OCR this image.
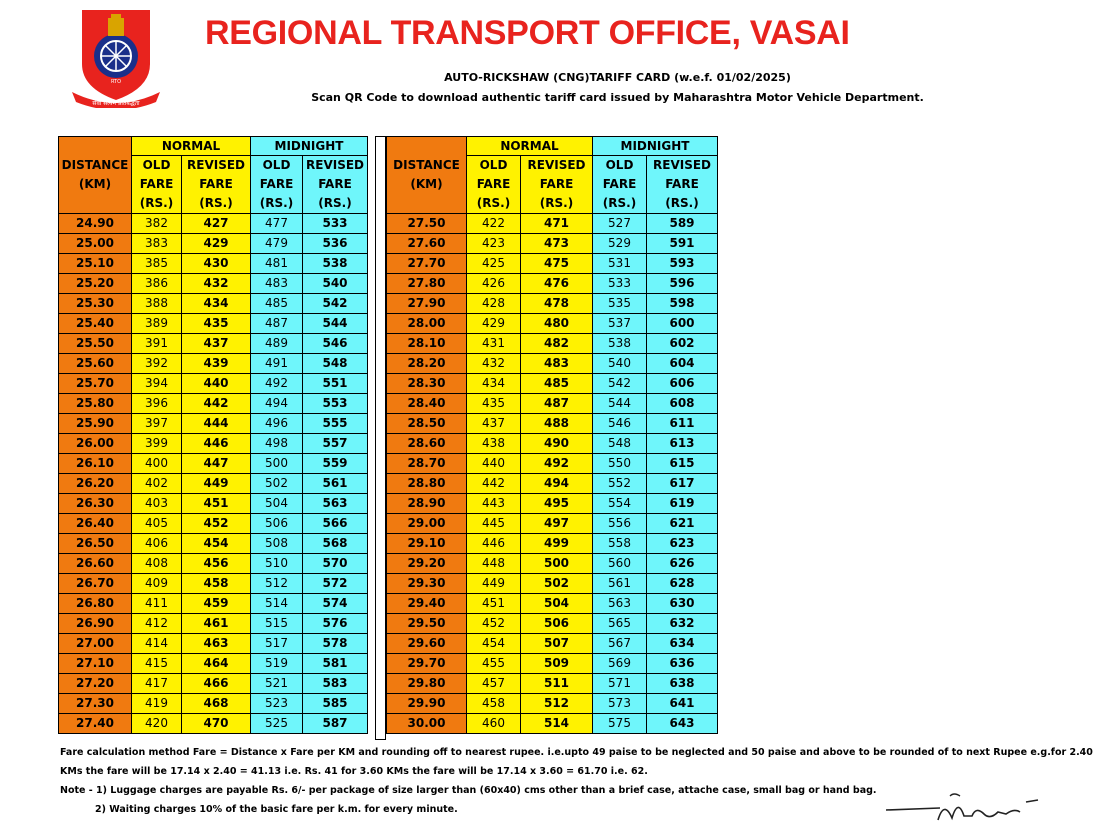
सेवा सत्यम प्रतिबद्धता
RTO
REGIONAL TRANSPORT OFFICE, VASAI
AUTO-RICKSHAW (CNG)TARIFF CARD (w.e.f. 01/02/2025)
Scan QR Code to download authentic tariff card issued by Maharashtra Motor Vehicle Department.
DISTANCE
(KM)	NORMAL		MIDNIGHT	

	OLD
FARE
(RS.)	REVISED
FARE
(RS.)	OLD
FARE
(RS.)	REVISED
FARE
(RS.)

24.90	382	427	477	533
25.00	383	429	479	536
25.10	385	430	481	538
25.20	386	432	483	540
25.30	388	434	485	542
25.40	389	435	487	544
25.50	391	437	489	546
25.60	392	439	491	548
25.70	394	440	492	551
25.80	396	442	494	553
25.90	397	444	496	555
26.00	399	446	498	557
26.10	400	447	500	559
26.20	402	449	502	561
26.30	403	451	504	563
26.40	405	452	506	566
26.50	406	454	508	568
26.60	408	456	510	570
26.70	409	458	512	572
26.80	411	459	514	574
26.90	412	461	515	576
27.00	414	463	517	578
27.10	415	464	519	581
27.20	417	466	521	583
27.30	419	468	523	585
27.40	420	470	525	587
DISTANCE
(KM)	NORMAL		MIDNIGHT	

	OLD
FARE
(RS.)	REVISED
FARE (RS.)	OLD
FARE
(RS.)	REVISED
FARE (RS.)

27.50	422	471	527	589
27.60	423	473	529	591
27.70	425	475	531	593
27.80	426	476	533	596
27.90	428	478	535	598
28.00	429	480	537	600
28.10	431	482	538	602
28.20	432	483	540	604
28.30	434	485	542	606
28.40	435	487	544	608
28.50	437	488	546	611
28.60	438	490	548	613
28.70	440	492	550	615
28.80	442	494	552	617
28.90	443	495	554	619
29.00	445	497	556	621
29.10	446	499	558	623
29.20	448	500	560	626
29.30	449	502	561	628
29.40	451	504	563	630
29.50	452	506	565	632
29.60	454	507	567	634
29.70	455	509	569	636
29.80	457	511	571	638
29.90	458	512	573	641
30.00	460	514	575	643

Fare calculation method Fare = Distance x Fare per KM and rounding off to nearest rupee. i.e.upto 49 paise to be neglected and 50 paise and above to be rounded of to next Rupee e.g.for 2.40

KMs the fare will be 17.14 x 2.40 = 41.13 i.e. Rs. 41 for 3.60 KMs the fare will be 17.14 x 3.60 = 61.70 i.e. 62.

Note - 1) Luggage charges are payable Rs. 6/- per package of size larger than (60x40) cms other than a brief case, attache case, small bag or hand bag.

2) Waiting charges 10% of the basic fare per k.m. for every minute.
